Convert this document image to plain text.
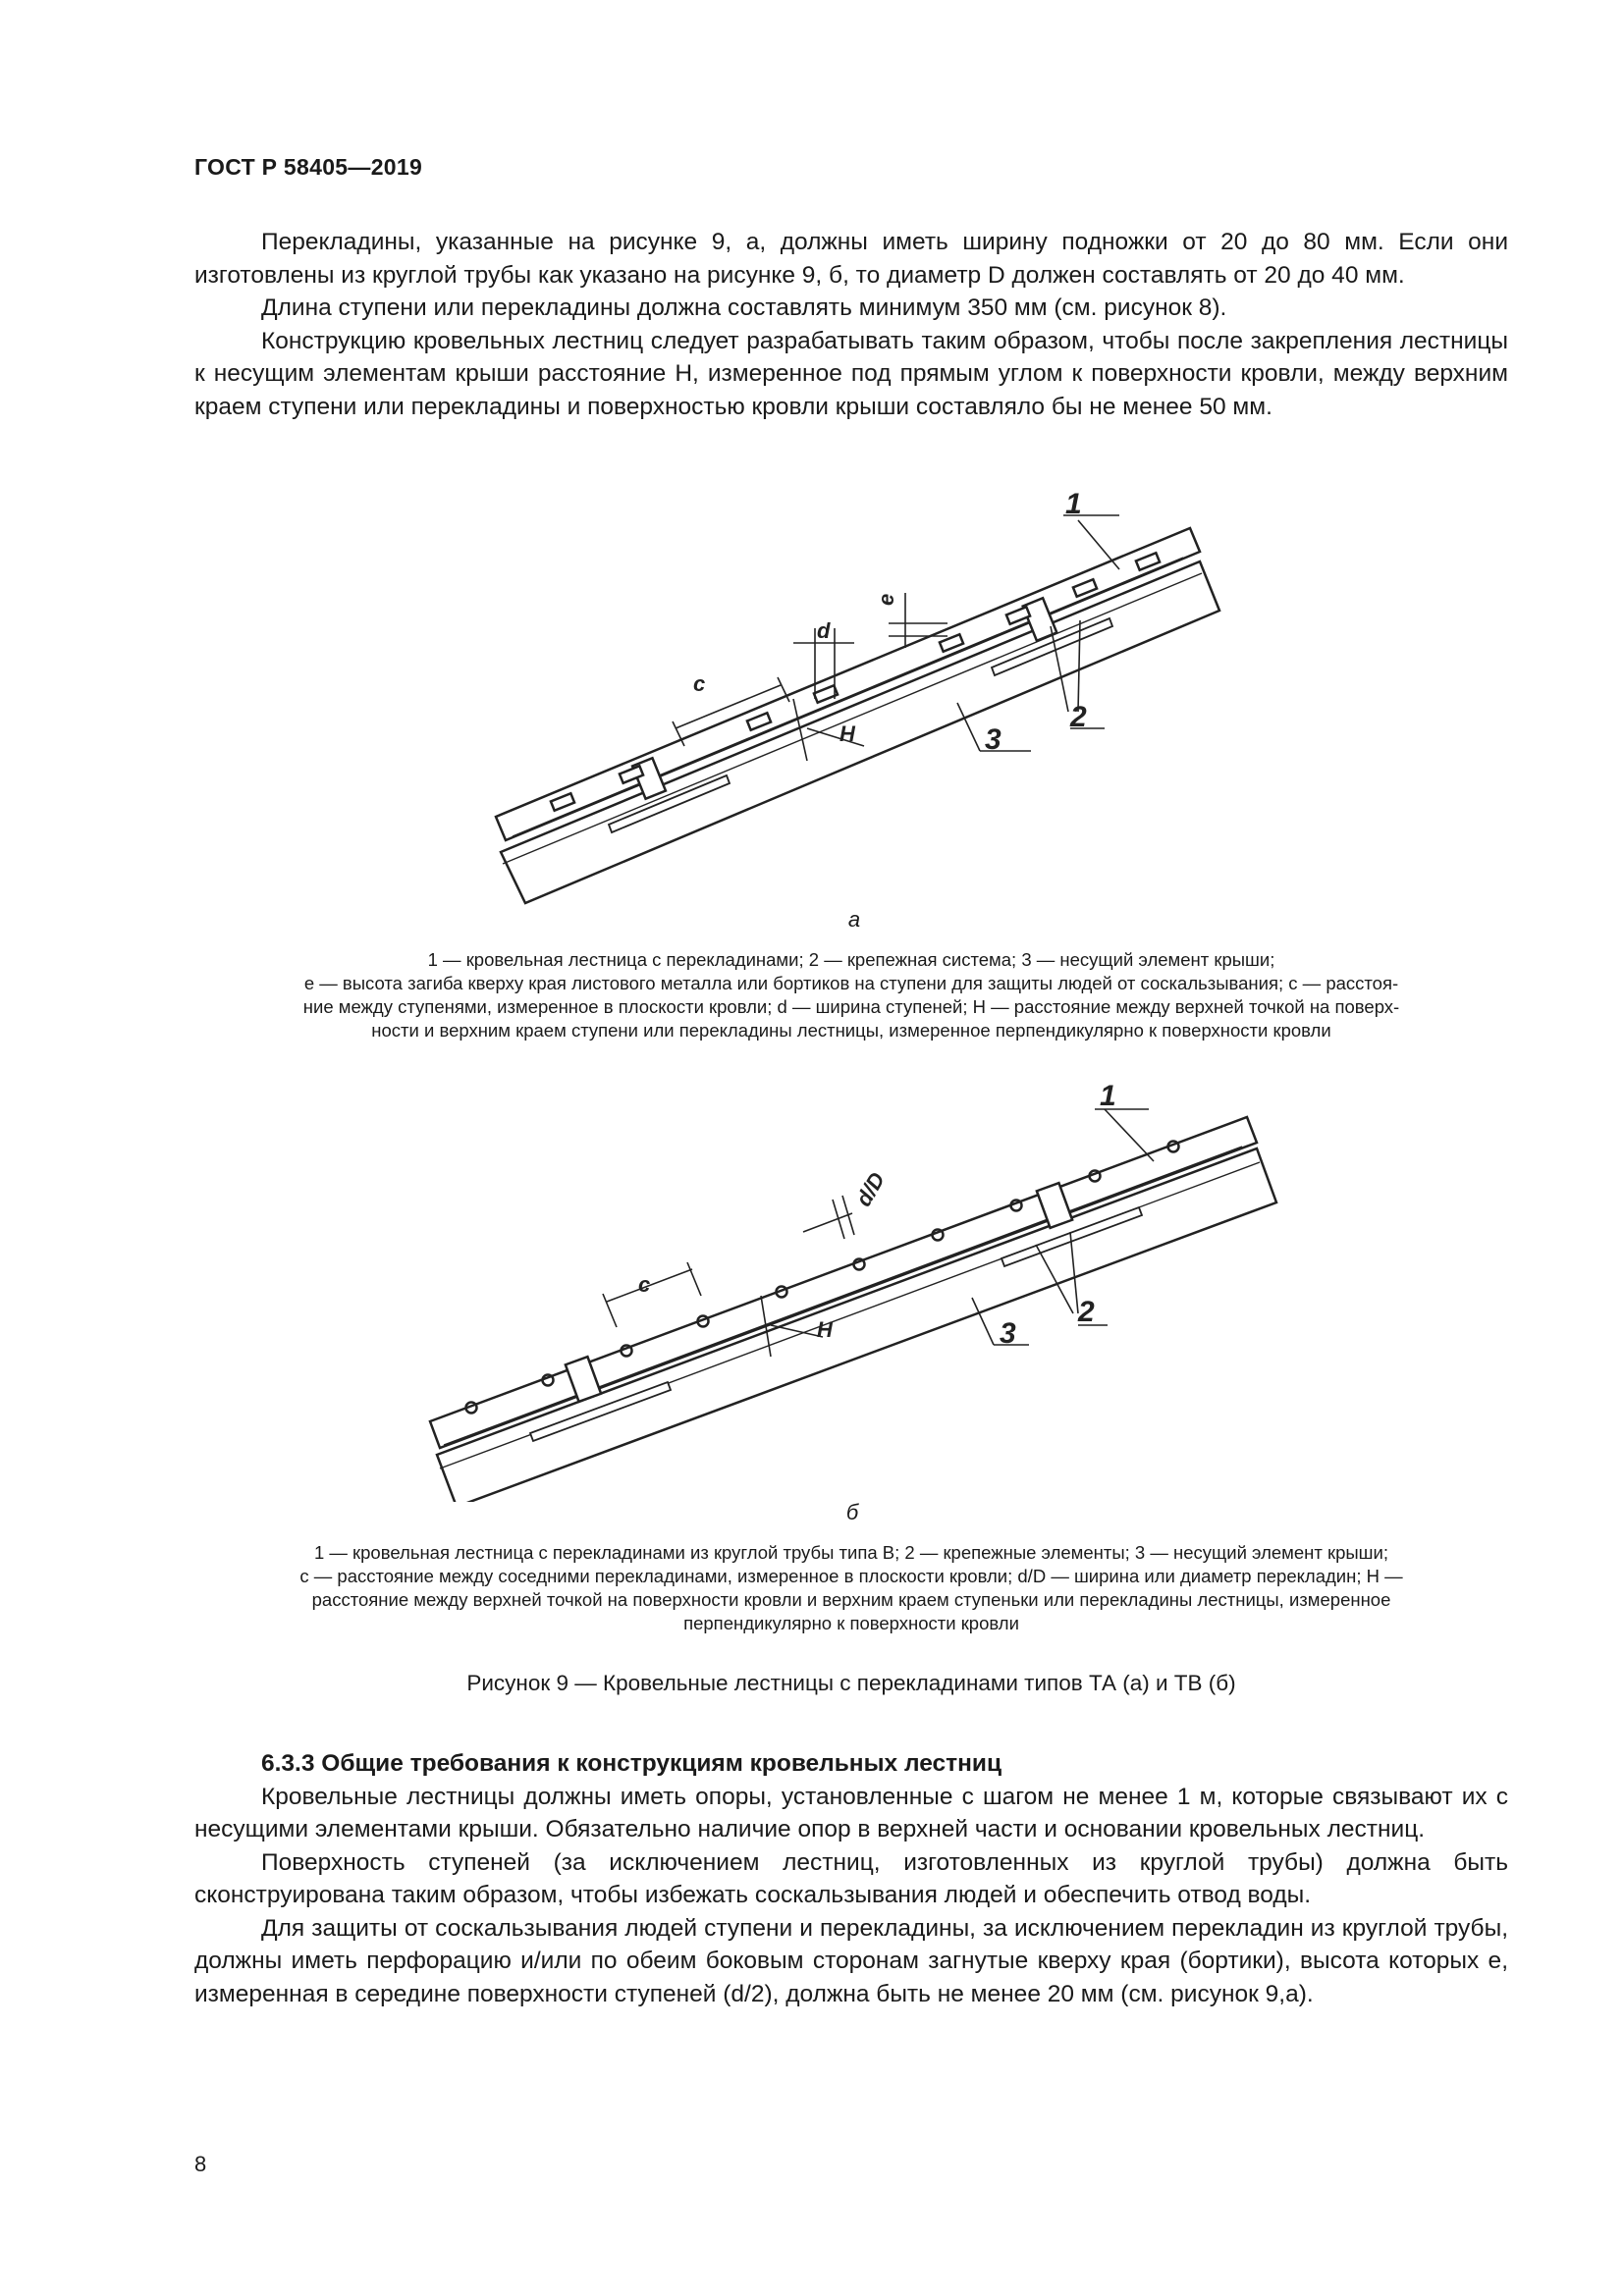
ГОСТ Р 58405—2019

Перекладины, указанные на рисунке 9, а, должны иметь ширину подножки от 20 до 80 мм. Если они изготовлены из круглой трубы как указано на рисунке 9, б, то диаметр D должен составлять от 20 до 40 мм.

Длина ступени или перекладины должна составлять минимум 350 мм (см. рисунок 8).

Конструкцию кровельных лестниц следует разрабатывать таким образом, чтобы после закрепления лестницы к несущим элементам крыши расстояние H, измеренное под прямым углом к поверхности кровли, между верхним краем ступени или перекладины и поверхностью кровли крыши составляло бы не менее 50 мм.

1
2
3
c
d
e
H
а
1 — кровельная лестница с перекладинами; 2 — крепежная система; 3 — несущий элемент крыши;
е — высота загиба кверху края листового металла или бортиков на ступени для защиты людей от соскальзывания; с — расстоя-
ние между ступенями, измеренное в плоскости кровли; d — ширина ступеней; H — расстояние между верхней точкой на поверх-
ности и верхним краем ступени или перекладины лестницы, измеренное перпендикулярно к поверхности кровли
1
2
3
c
d/D
H
б
1 — кровельная лестница с перекладинами из круглой трубы типа В; 2 — крепежные элементы; 3 — несущий элемент крыши;
с — расстояние между соседними перекладинами, измеренное в плоскости кровли; d/D — ширина или диаметр перекладин; H —
расстояние между верхней точкой на поверхности кровли и верхним краем ступеньки или перекладины лестницы, измеренное
перпендикулярно к поверхности кровли
Рисунок 9 — Кровельные лестницы с перекладинами типов ТА (а) и ТВ (б)

6.3.3 Общие требования к конструкциям кровельных лестниц

Кровельные лестницы должны иметь опоры, установленные с шагом не менее 1 м, которые связывают их с несущими элементами крыши. Обязательно наличие опор в верхней части и основании кровельных лестниц.

Поверхность ступеней (за исключением лестниц, изготовленных из круглой трубы) должна быть сконструирована таким образом, чтобы избежать соскальзывания людей и обеспечить отвод воды.

Для защиты от соскальзывания людей ступени и перекладины, за исключением перекладин из круглой трубы, должны иметь перфорацию и/или по обеим боковым сторонам загнутые кверху края (бортики), высота которых е, измеренная в середине поверхности ступеней (d/2), должна быть не менее 20 мм (см. рисунок 9,а).

8
